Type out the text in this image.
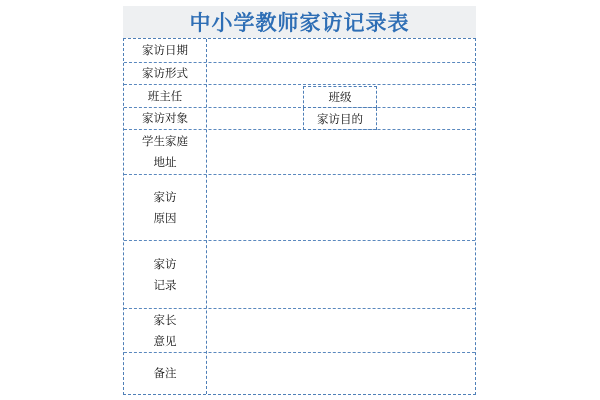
中小学教师家访记录表
家访日期
家访形式
班主任
家访对象
班级
家访目的
学生家庭
地址
家访
原因
家访
记录
家长
意见
备注
